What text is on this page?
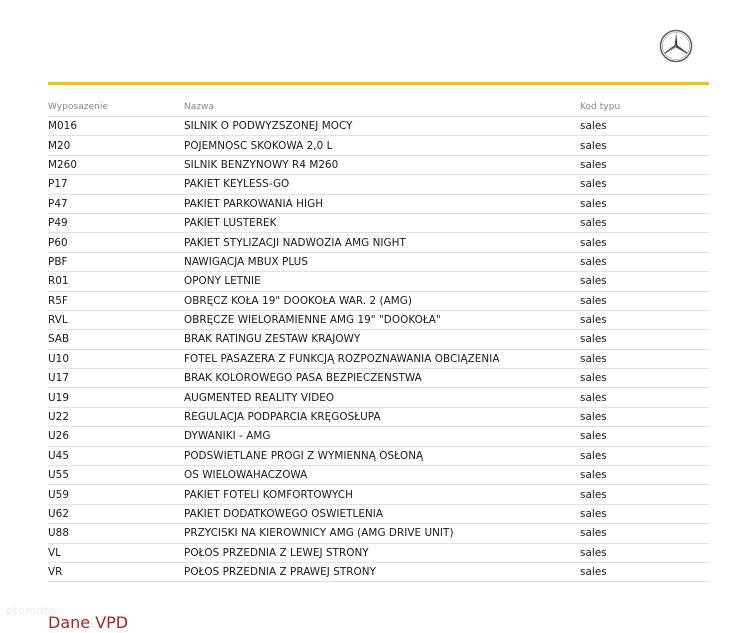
Wyposazenie	Nazwa	Kod typu
M016	SILNIK O PODWYŻSZONEJ MOCY	sales
M20	POJEMNOŚĆ SKOKOWA 2,0 L	sales
M260	SILNIK BENZYNOWY R4 M260	sales
P17	PAKIET KEYLESS-GO	sales
P47	PAKIET PARKOWANIA HIGH	sales
P49	PAKIET LUSTEREK	sales
P60	PAKIET STYLIZACJI NADWOZIA AMG NIGHT	sales
PBF	NAWIGACJA MBUX PLUS	sales
R01	OPONY LETNIE	sales
R5F	OBRĘCZ KOŁA 19" DOOKOŁA WAR. 2 (AMG)	sales
RVL	OBRĘCZE WIELORAMIENNE AMG 19" "DOOKOŁA"	sales
SAB	BRAK RATINGU ZESTAW KRAJOWY	sales
U10	FOTEL PASAŻERA Z FUNKCJĄ ROZPOZNAWANIA OBCIĄŻENIA	sales
U17	BRAK KOLOROWEGO PASA BEZPIECZEŃSTWA	sales
U19	AUGMENTED REALITY VIDEO	sales
U22	REGULACJA PODPARCIA KRĘGOSŁUPA	sales
U26	DYWANIKI - AMG	sales
U45	PODŚWIETLANE PROGI Z WYMIENNĄ OSŁONĄ	sales
U55	OŚ WIELOWAHACZOWA	sales
U59	PAKIET FOTELI KOMFORTOWYCH	sales
U62	PAKIET DODATKOWEGO OŚWIETLENIA	sales
U88	PRZYCISKI NA KIEROWNICY AMG (AMG DRIVE UNIT)	sales
VL	PÓŁOŚ PRZEDNIA Z LEWEJ STRONY	sales
VR	PÓŁOŚ PRZEDNIA Z PRAWEJ STRONY	sales
otomoto
Dane VPD
